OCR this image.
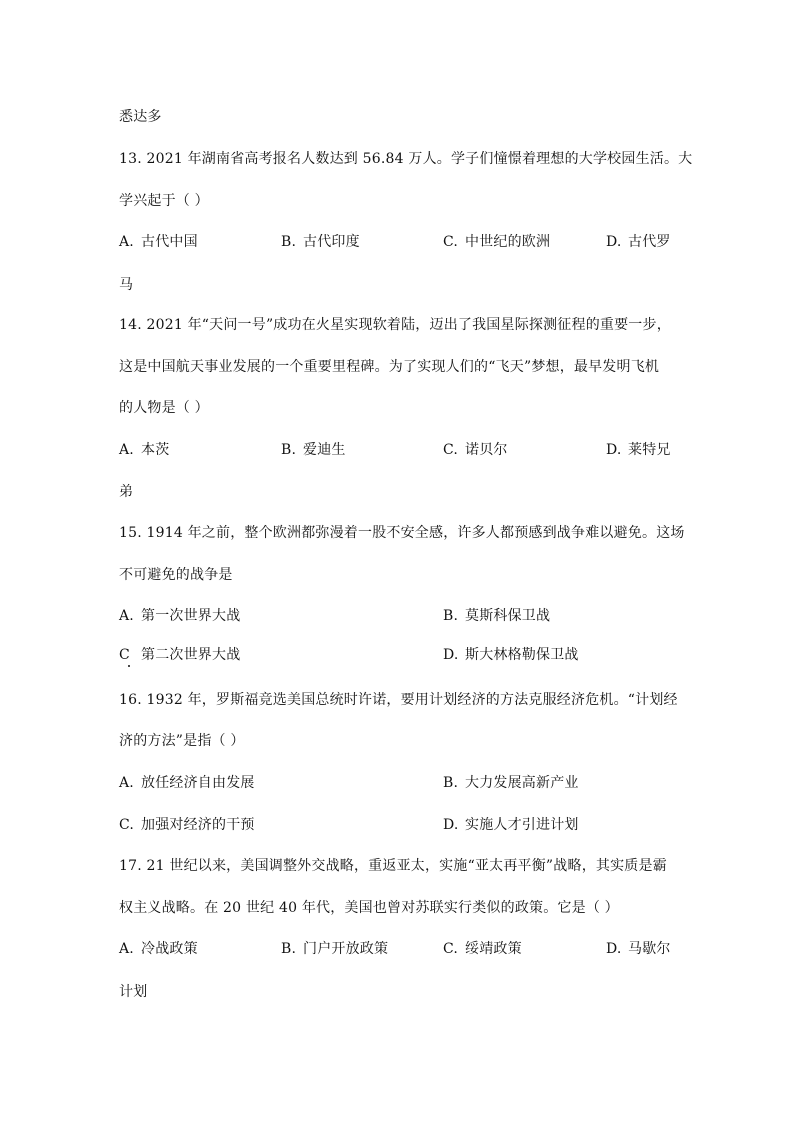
悉达多
13. 2021 年湖南省高考报名人数达到 56.84 万人。学子们憧憬着理想的大学校园生活。大
学兴起于（ ）
A. 古代中国	B. 古代印度	C. 中世纪的欧洲	D. 古代罗
马
14. 2021 年“天问一号”成功在火星实现软着陆，迈出了我国星际探测征程的重要一步，
这是中国航天事业发展的一个重要里程碑。为了实现人们的“飞天”梦想，最早发明飞机
的人物是（ ）
A. 本茨	B. 爱迪生	C. 诺贝尔	D. 莱特兄
弟
15. 1914 年之前，整个欧洲都弥漫着一股不安全感，许多人都预感到战争难以避免。这场
不可避免的战争是
A. 第一次世界大战	B. 莫斯科保卫战
C 第二次世界大战	D. 斯大林格勒保卫战
16. 1932 年，罗斯福竞选美国总统时许诺，要用计划经济的方法克服经济危机。“计划经
济的方法”是指（ ）
A. 放任经济自由发展	B. 大力发展高新产业
C. 加强对经济的干预	D. 实施人才引进计划
17. 21 世纪以来，美国调整外交战略，重返亚太，实施“亚太再平衡”战略，其实质是霸
权主义战略。在 20 世纪 40 年代，美国也曾对苏联实行类似的政策。它是（ ）
A. 冷战政策	B. 门户开放政策	C. 绥靖政策	D. 马歇尔
计划
